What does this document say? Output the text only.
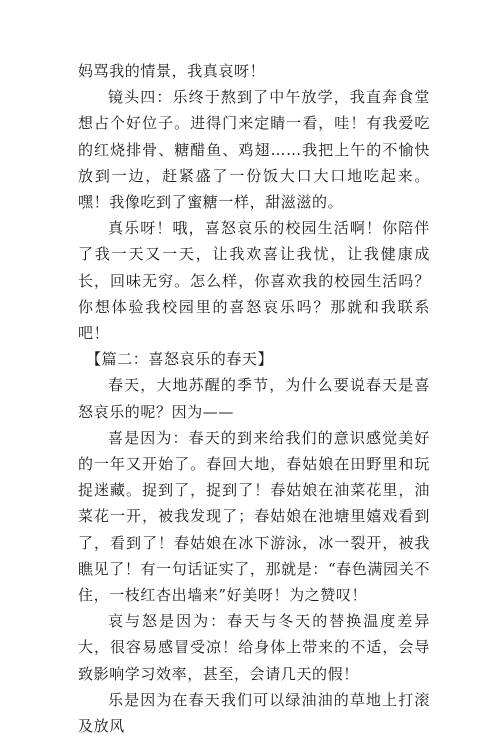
妈骂我的情景，我真哀呀！

镜头四：乐终于熬到了中午放学，我直奔食堂想占个好位子。进得门来定睛一看，哇！有我爱吃的红烧排骨、糖醋鱼、鸡翅……我把上午的不愉快放到一边，赶紧盛了一份饭大口大口地吃起来。嘿！我像吃到了蜜糖一样，甜滋滋的。

真乐呀！哦，喜怒哀乐的校园生活啊！你陪伴了我一天又一天，让我欢喜让我忧，让我健康成长，回味无穷。怎么样，你喜欢我的校园生活吗？你想体验我校园里的喜怒哀乐吗？那就和我联系吧！

【篇二：喜怒哀乐的春天】

春天，大地苏醒的季节，为什么要说春天是喜怒哀乐的呢？因为——

喜是因为：春天的到来给我们的意识感觉美好的一年又开始了。春回大地，春姑娘在田野里和玩捉迷藏。捉到了，捉到了！春姑娘在油菜花里，油菜花一开，被我发现了；春姑娘在池塘里嬉戏看到了，看到了！春姑娘在冰下游泳，冰一裂开，被我瞧见了！有一句话证实了，那就是：“春色满园关不住，一枝红杏出墙来”好美呀！为之赞叹！

哀与怒是因为：春天与冬天的替换温度差异大，很容易感冒受凉！给身体上带来的不适，会导致影响学习效率，甚至，会请几天的假！

乐是因为在春天我们可以绿油油的草地上打滚及放风
